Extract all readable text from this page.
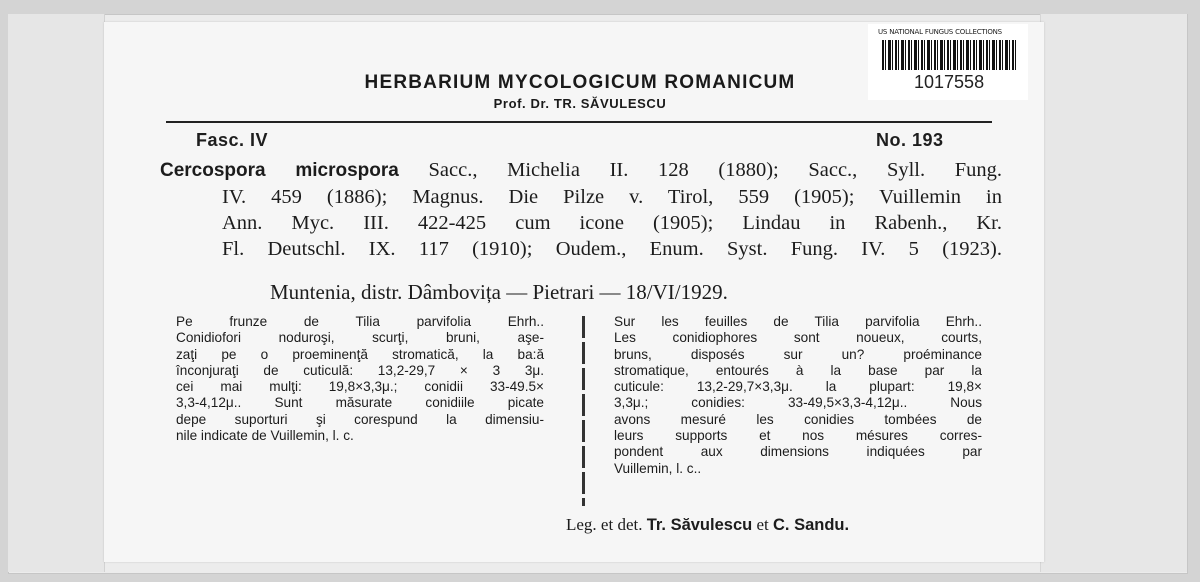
US NATIONAL FUNGUS COLLECTIONS
1017558
HERBARIUM MYCOLOGICUM ROMANICUM
Prof. Dr. TR. SĂVULESCU
Fasc. IV	No. 193
Cercospora microspora Sacc., Michelia II. 128 (1880); Sacc., Syll. Fung.
IV. 459 (1886); Magnus. Die Pilze v. Tirol, 559 (1905); Vuillemin in
Ann. Myc. III. 422-425 cum icone (1905); Lindau in Rabenh., Kr.
Fl. Deutschl. IX. 117 (1910); Oudem., Enum. Syst. Fung. IV. 5 (1923).
Muntenia, distr. Dâmbovița — Pietrari — 18/VI/1929.
Pe frunze de Tilia parvifolia Ehrh..
Conidiofori noduroşi, scurţi, bruni, aşe-
zaţi pe o proeminenţă stromatică, la ba:ă
înconjuraţi de cuticulă: 13,2-29,7 × 3 3μ.
cei mai mulţi: 19,8×3,3μ.; conidii 33-49.5×
3,3-4,12μ.. Sunt măsurate conidiile picate
depe suporturi şi corespund la dimensiu-
nile indicate de Vuillemin, l. c.
Sur les feuilles de Tilia parvifolia Ehrh..
Les conidiophores sont noueux, courts,
bruns, disposés sur un? proéminance
stromatique, entourés à la base par la
cuticule: 13,2-29,7×3,3μ. la plupart: 19,8×
3,3μ.; conidies: 33-49,5×3,3-4,12μ.. Nous
avons mesuré les conidies tombées de
leurs supports et nos mésures corres-
pondent aux dimensions indiquées par
Vuillemin, l. c..
Leg. et det. Tr. Săvulescu et C. Sandu.
